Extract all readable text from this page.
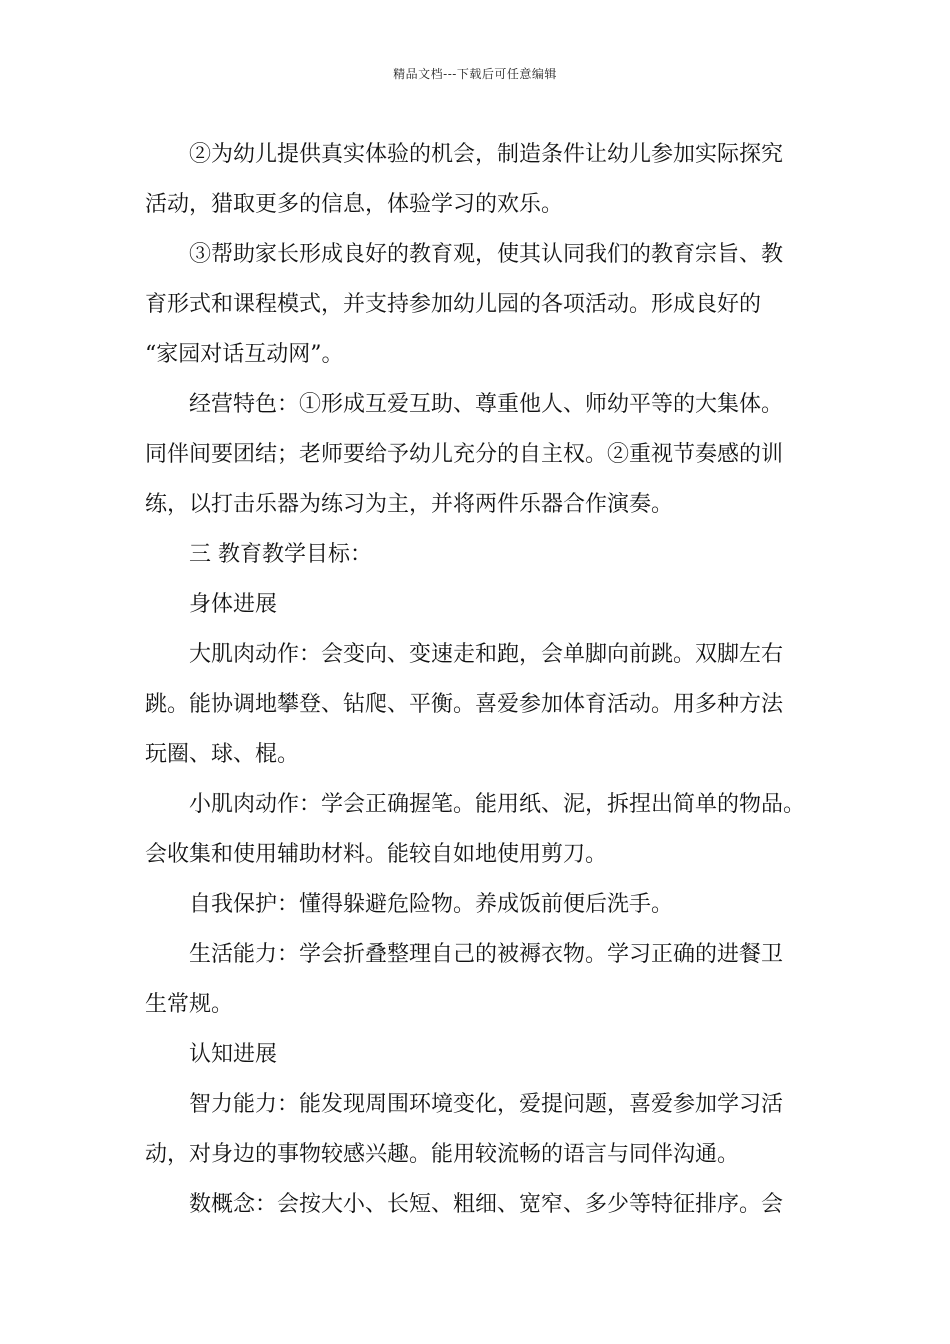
精品文档---下载后可任意编辑
②为幼儿提供真实体验的机会，制造条件让幼儿参加实际探究
活动，猎取更多的信息，体验学习的欢乐。
③帮助家长形成良好的教育观，使其认同我们的教育宗旨、教
育形式和课程模式，并支持参加幼儿园的各项活动。形成良好的
“家园对话互动网”。
经营特色：①形成互爱互助、尊重他人、师幼平等的大集体。
同伴间要团结；老师要给予幼儿充分的自主权。②重视节奏感的训
练，以打击乐器为练习为主，并将两件乐器合作演奏。
三 教育教学目标：
身体进展
大肌肉动作：会变向、变速走和跑，会单脚向前跳。双脚左右
跳。能协调地攀登、钻爬、平衡。喜爱参加体育活动。用多种方法
玩圈、球、棍。
小肌肉动作：学会正确握笔。能用纸、泥，拆捏出简单的物品。
会收集和使用辅助材料。能较自如地使用剪刀。
自我保护：懂得躲避危险物。养成饭前便后洗手。
生活能力：学会折叠整理自己的被褥衣物。学习正确的进餐卫
生常规。
认知进展
智力能力：能发现周围环境变化，爱提问题，喜爱参加学习活
动，对身边的事物较感兴趣。能用较流畅的语言与同伴沟通。
数概念：会按大小、长短、粗细、宽窄、多少等特征排序。会
